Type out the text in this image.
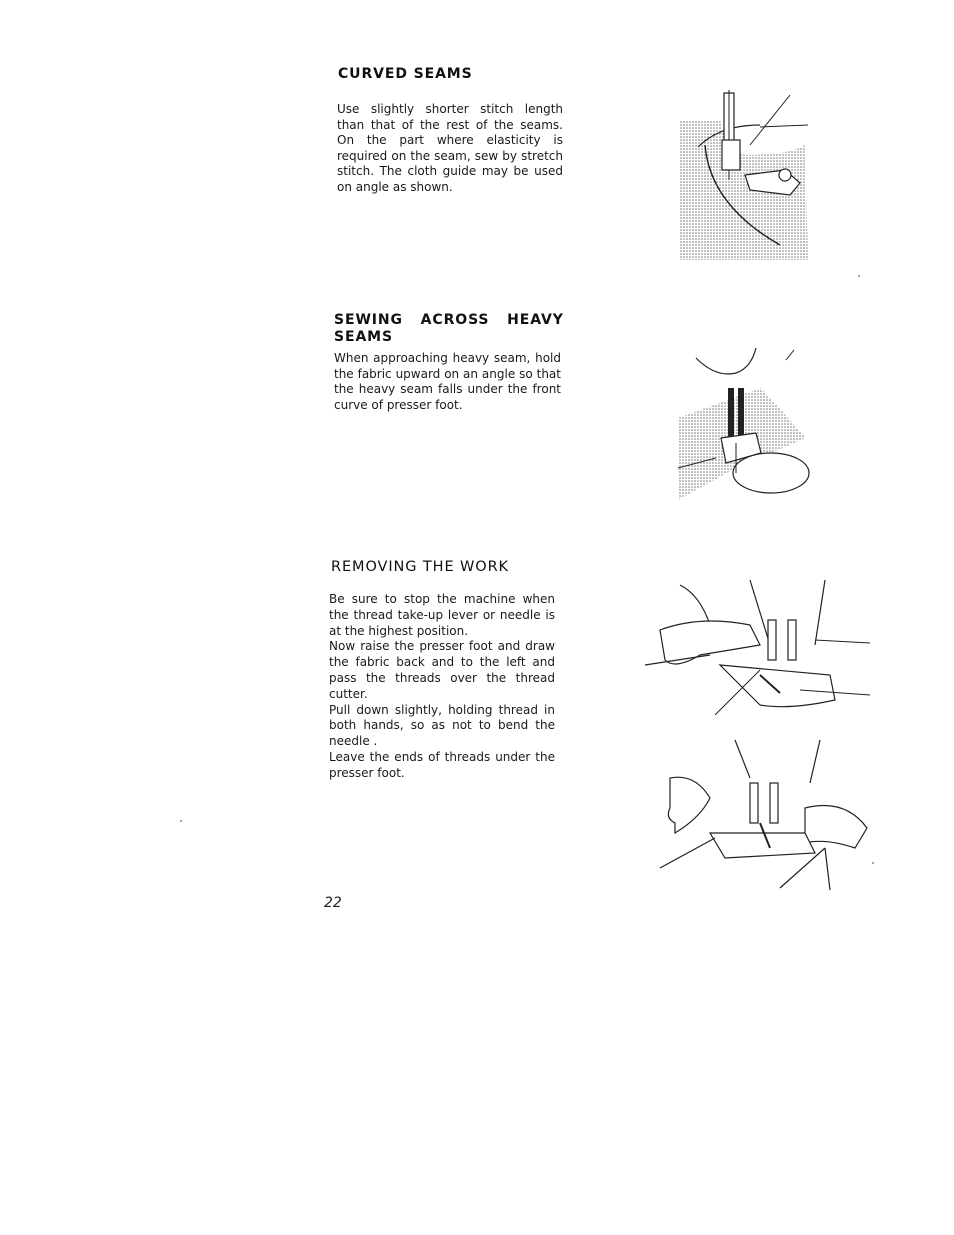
CURVED SEAMS

Use slightly shorter stitch length than that of the rest of the seams. On the part where elasticity is required on the seam, sew by stretch stitch. The cloth guide may be used on angle as shown.

SEWING ACROSS HEAVY SEAMS

When approaching heavy seam, hold the fabric upward on an angle so that the heavy seam falls under the front curve of presser foot.

REMOVING THE WORK

Be sure to stop the machine when the thread take-up lever or needle is at the highest position.

Now raise the presser foot and draw the fabric back and to the left and pass the threads over the thread cutter.

Pull down slightly, holding thread in both hands, so as not to bend the needle .

Leave the ends of threads under the presser foot.

22
